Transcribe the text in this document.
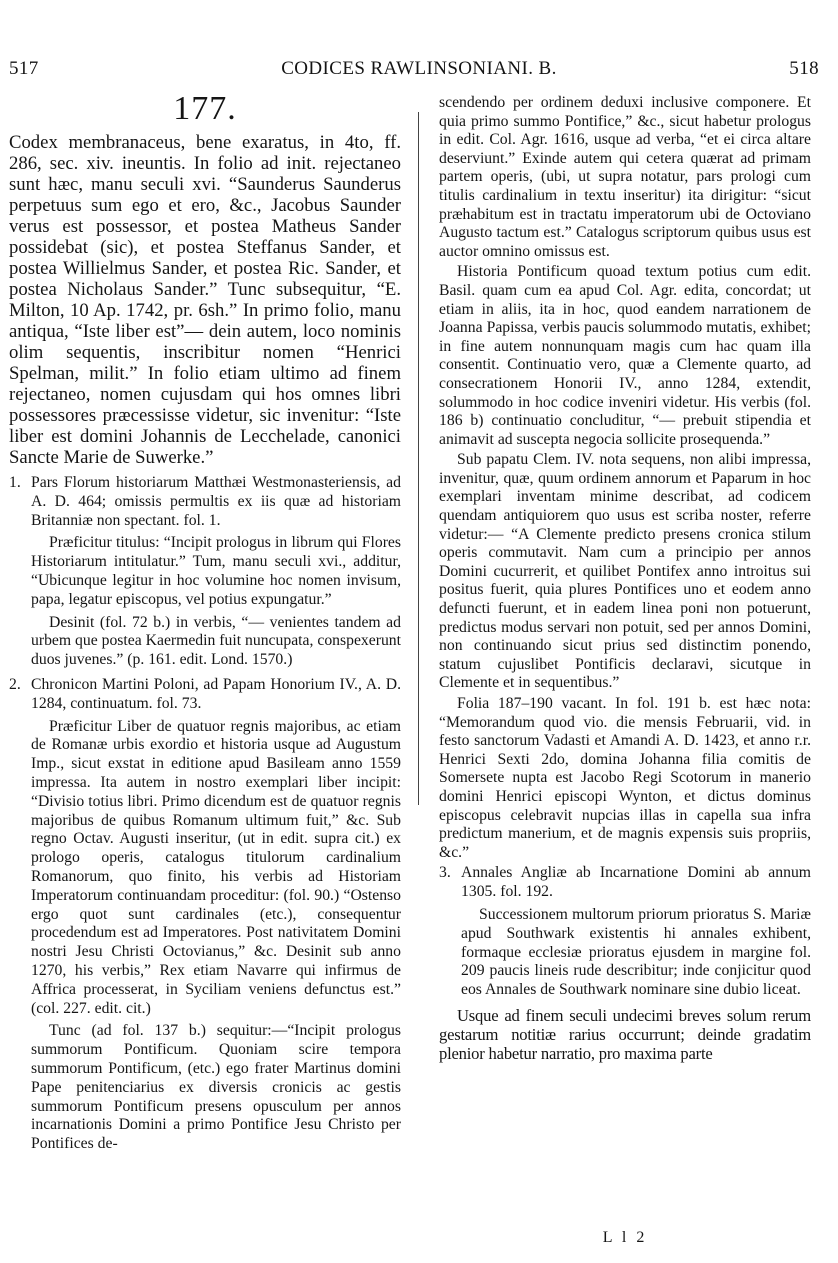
517	CODICES RAWLINSONIANI. B.	518
177.

Codex membranaceus, bene exaratus, in 4to, ff. 286, sec. xiv. ineuntis. In folio ad init. rejectaneo sunt hæc, manu seculi xvi. “Saunderus Saunderus perpetuus sum ego et ero, &c., Jacobus Saunder verus est possessor, et postea Matheus Sander possidebat (sic), et postea Steffanus Sander, et postea Willielmus Sander, et postea Ric. Sander, et postea Nicholaus Sander.” Tunc subsequitur, “E. Milton, 10 Ap. 1742, pr. 6sh.” In primo folio, manu antiqua, “Iste liber est”— dein autem, loco nominis olim sequentis, inscribitur nomen “Henrici Spelman, milit.” In folio etiam ultimo ad finem rejectaneo, nomen cujusdam qui hos omnes libri possessores præcessisse videtur, sic invenitur: “Iste liber est domini Johannis de Lecchelade, canonici Sancte Marie de Suwerke.”

1. Pars Florum historiarum Matthæi Westmonasteriensis, ad A. D. 464; omissis permultis ex iis quæ ad historiam Britanniæ non spectant. fol. 1.

Præficitur titulus: “Incipit prologus in librum qui Flores Historiarum intitulatur.” Tum, manu seculi xvi., additur, “Ubicunque legitur in hoc volumine hoc nomen invisum, papa, legatur episcopus, vel potius expungatur.”

Desinit (fol. 72 b.) in verbis, “— venientes tandem ad urbem que postea Kaermedin fuit nuncupata, conspexerunt duos juvenes.” (p. 161. edit. Lond. 1570.)

2. Chronicon Martini Poloni, ad Papam Honorium IV., A. D. 1284, continuatum. fol. 73.

Præficitur Liber de quatuor regnis majoribus, ac etiam de Romanæ urbis exordio et historia usque ad Augustum Imp., sicut exstat in editione apud Basileam anno 1559 impressa. Ita autem in nostro exemplari liber incipit: “Divisio totius libri. Primo dicendum est de quatuor regnis majoribus de quibus Romanum ultimum fuit,” &c. Sub regno Octav. Augusti inseritur, (ut in edit. supra cit.) ex prologo operis, catalogus titulorum cardinalium Romanorum, quo finito, his verbis ad Historiam Imperatorum continuandam proceditur: (fol. 90.) “Ostenso ergo quot sunt cardinales (etc.), consequentur procedendum est ad Imperatores. Post nativitatem Domini nostri Jesu Christi Octovianus,” &c. Desinit sub anno 1270, his verbis,” Rex etiam Navarre qui infirmus de Affrica processerat, in Syciliam veniens defunctus est.” (col. 227. edit. cit.)

Tunc (ad fol. 137 b.) sequitur:—“Incipit prologus summorum Pontificum. Quoniam scire tempora summorum Pontificum, (etc.) ego frater Martinus domini Pape penitenciarius ex diversis cronicis ac gestis summorum Pontificum presens opusculum per annos incarnationis Domini a primo Pontifice Jesu Christo per Pontifices de-

scendendo per ordinem deduxi inclusive componere. Et quia primo summo Pontifice,” &c., sicut habetur prologus in edit. Col. Agr. 1616, usque ad verba, “et ei circa altare deserviunt.” Exinde autem qui cetera quærat ad primam partem operis, (ubi, ut supra notatur, pars prologi cum titulis cardinalium in textu inseritur) ita dirigitur: “sicut præhabitum est in tractatu imperatorum ubi de Octoviano Augusto tactum est.” Catalogus scriptorum quibus usus est auctor omnino omissus est.

Historia Pontificum quoad textum potius cum edit. Basil. quam cum ea apud Col. Agr. edita, concordat; ut etiam in aliis, ita in hoc, quod eandem narrationem de Joanna Papissa, verbis paucis solummodo mutatis, exhibet; in fine autem nonnunquam magis cum hac quam illa consentit. Continuatio vero, quæ a Clemente quarto, ad consecrationem Honorii IV., anno 1284, extendit, solummodo in hoc codice inveniri videtur. His verbis (fol. 186 b) continuatio concluditur, “— prebuit stipendia et animavit ad suscepta negocia sollicite prosequenda.”

Sub papatu Clem. IV. nota sequens, non alibi impressa, invenitur, quæ, quum ordinem annorum et Paparum in hoc exemplari inventam minime describat, ad codicem quendam antiquiorem quo usus est scriba noster, referre videtur:— “A Clemente predicto presens cronica stilum operis commutavit. Nam cum a principio per annos Domini cucurrerit, et quilibet Pontifex anno introitus sui positus fuerit, quia plures Pontifices uno et eodem anno defuncti fuerunt, et in eadem linea poni non potuerunt, predictus modus servari non potuit, sed per annos Domini, non continuando sicut prius sed distinctim ponendo, statum cujuslibet Pontificis declaravi, sicutque in Clemente et in sequentibus.”

Folia 187–190 vacant. In fol. 191 b. est hæc nota: “Memorandum quod vio. die mensis Februarii, vid. in festo sanctorum Vadasti et Amandi A. D. 1423, et anno r.r. Henrici Sexti 2do, domina Johanna filia comitis de Somersete nupta est Jacobo Regi Scotorum in manerio domini Henrici episcopi Wynton, et dictus dominus episcopus celebravit nupcias illas in capella sua infra predictum manerium, et de magnis expensis suis propriis, &c.”

3. Annales Angliæ ab Incarnatione Domini ab annum 1305. fol. 192.

Successionem multorum priorum prioratus S. Mariæ apud Southwark existentis hi annales exhibent, formaque ecclesiæ prioratus ejusdem in margine fol. 209 paucis lineis rude describitur; inde conjicitur quod eos Annales de Southwark nominare sine dubio liceat.

Usque ad finem seculi undecimi breves solum rerum gestarum notitiæ rarius occurrunt; deinde gradatim plenior habetur narratio, pro maxima parte

L l 2
